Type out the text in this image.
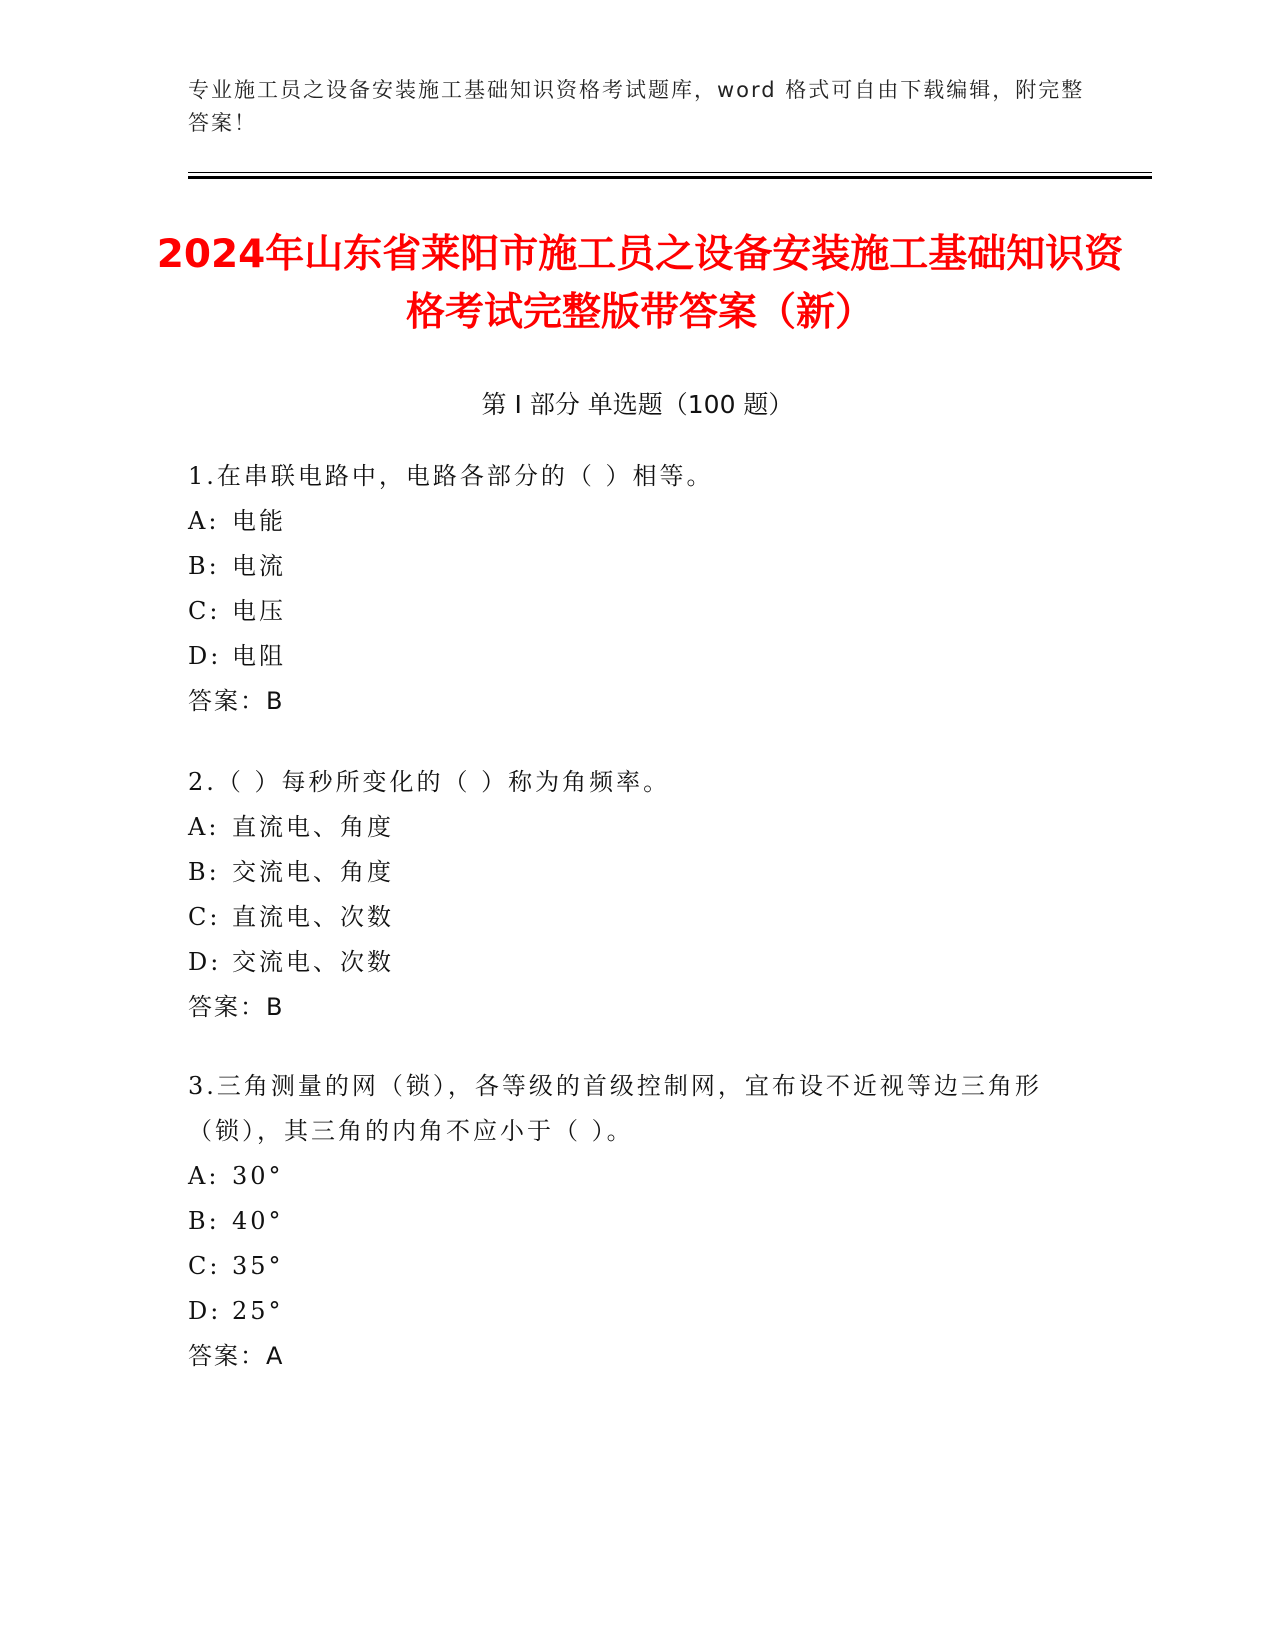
专业施工员之设备安装施工基础知识资格考试题库，word 格式可自由下载编辑，附完整答案！
2024年山东省莱阳市施工员之设备安装施工基础知识资格考试完整版带答案（新）
第 I 部分 单选题（100 题）
1.在串联电路中，电路各部分的（ ）相等。
A: 电能
B: 电流
C: 电压
D: 电阻
答案：B
2.（ ）每秒所变化的（ ）称为角频率。
A: 直流电、角度
B: 交流电、角度
C: 直流电、次数
D: 交流电、次数
答案：B
3.三角测量的网（锁），各等级的首级控制网，宜布设不近视等边三角形（锁），其三角的内角不应小于（ ）。
A: 30°
B: 40°
C: 35°
D: 25°
答案：A
